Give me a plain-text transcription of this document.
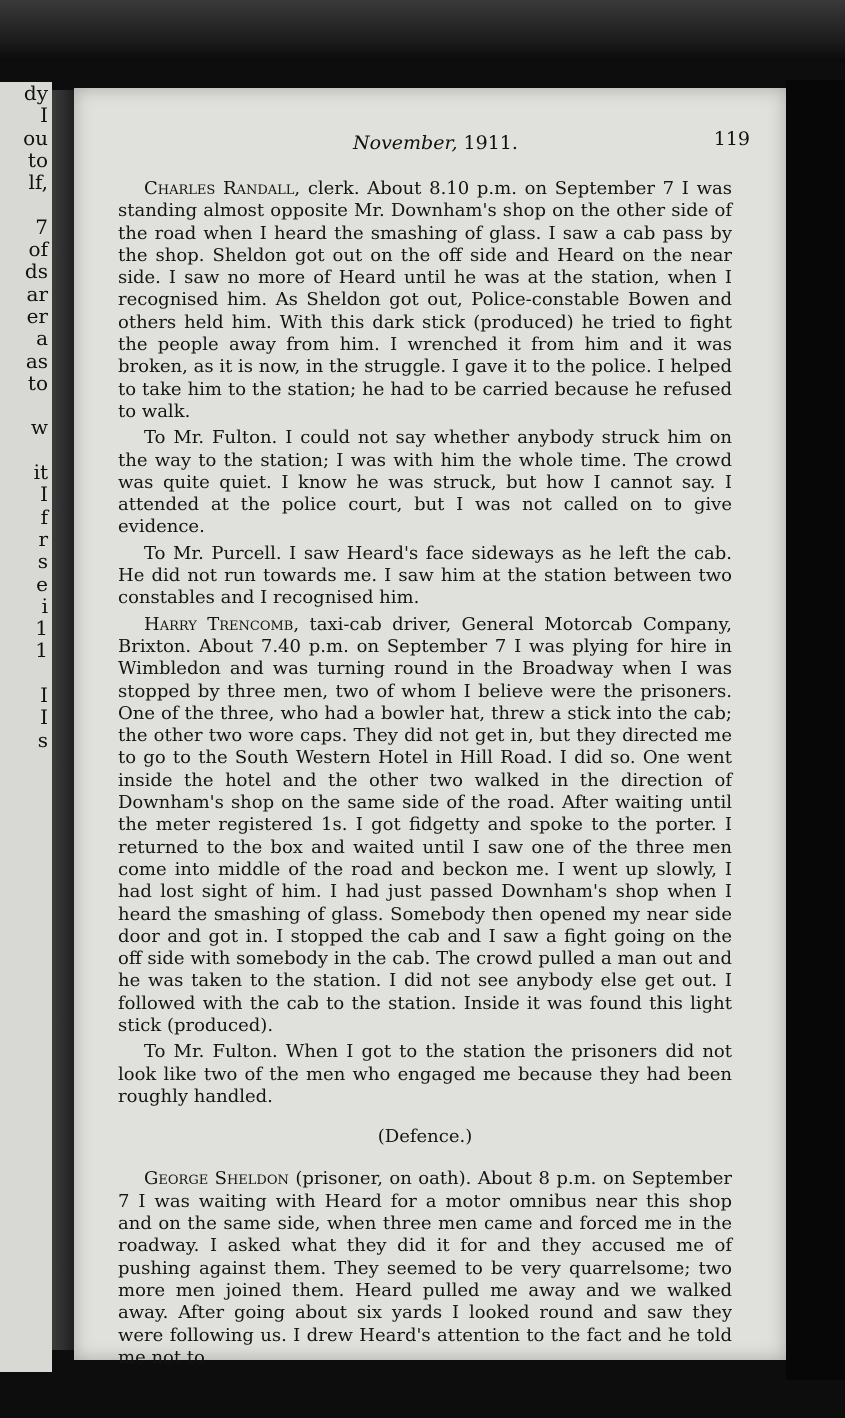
dy
I
ou
to
lf,
7
of
ds
ar
er
a
as
to
w
it
I
f
r
s
e
i
1
1
I
I
s
November, 1911.	119

Charles Randall, clerk. About 8.10 p.m. on September 7 I was standing almost opposite Mr. Downham's shop on the other side of the road when I heard the smashing of glass. I saw a cab pass by the shop. Sheldon got out on the off side and Heard on the near side. I saw no more of Heard until he was at the station, when I recognised him. As Sheldon got out, Police-constable Bowen and others held him. With this dark stick (produced) he tried to fight the people away from him. I wrenched it from him and it was broken, as it is now, in the struggle. I gave it to the police. I helped to take him to the station; he had to be carried because he refused to walk.

To Mr. Fulton. I could not say whether anybody struck him on the way to the station; I was with him the whole time. The crowd was quite quiet. I know he was struck, but how I cannot say. I attended at the police court, but I was not called on to give evidence.

To Mr. Purcell. I saw Heard's face sideways as he left the cab. He did not run towards me. I saw him at the station between two constables and I recognised him.

Harry Trencomb, taxi-cab driver, General Motorcab Company, Brixton. About 7.40 p.m. on September 7 I was plying for hire in Wimbledon and was turning round in the Broadway when I was stopped by three men, two of whom I believe were the prisoners. One of the three, who had a bowler hat, threw a stick into the cab; the other two wore caps. They did not get in, but they directed me to go to the South Western Hotel in Hill Road. I did so. One went inside the hotel and the other two walked in the direction of Downham's shop on the same side of the road. After waiting until the meter registered 1s. I got fidgetty and spoke to the porter. I returned to the box and waited until I saw one of the three men come into middle of the road and beckon me. I went up slowly, I had lost sight of him. I had just passed Downham's shop when I heard the smashing of glass. Somebody then opened my near side door and got in. I stopped the cab and I saw a fight going on the off side with somebody in the cab. The crowd pulled a man out and he was taken to the station. I did not see anybody else get out. I followed with the cab to the station. Inside it was found this light stick (produced).

To Mr. Fulton. When I got to the station the prisoners did not look like two of the men who engaged me because they had been roughly handled.

(Defence.)

George Sheldon (prisoner, on oath). About 8 p.m. on September 7 I was waiting with Heard for a motor omnibus near this shop and on the same side, when three men came and forced me in the roadway. I asked what they did it for and they accused me of pushing against them. They seemed to be very quarrelsome; two more men joined them. Heard pulled me away and we walked away. After going about six yards I looked round and saw they were following us. I drew Heard's attention to the fact and he told me not to
